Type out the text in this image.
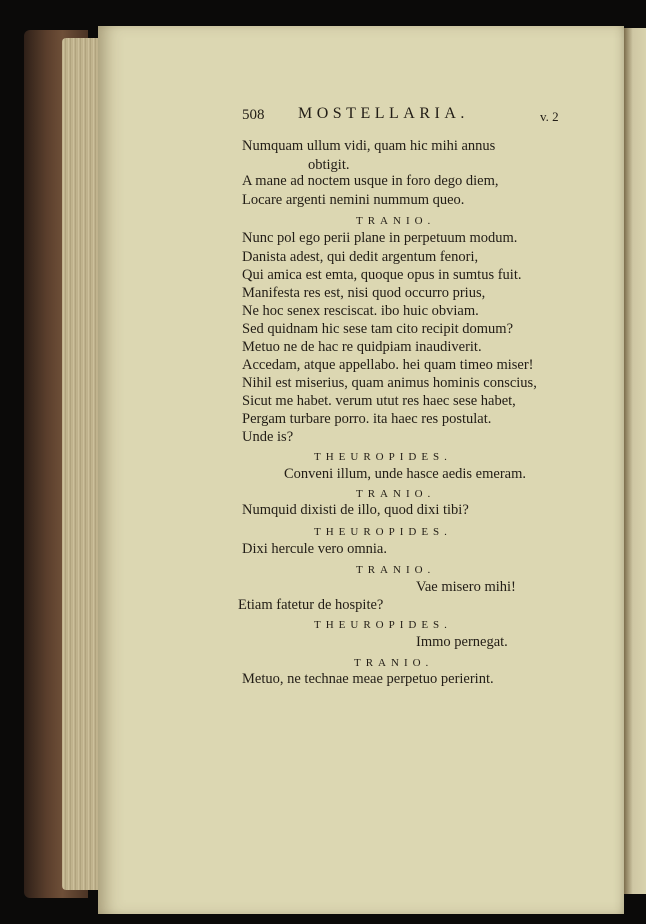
508 MOSTELLARIA.	v. 2

Numquam ullum vidi, quam hic mihi annus

obtigit.

A mane ad noctem usque in foro dego diem,

Locare argenti nemini nummum queo.

TRANIO.

Nunc pol ego perii plane in perpetuum modum.

Danista adest, qui dedit argentum fenori,

Qui amica est emta, quoque opus in sumtus fuit.

Manifesta res est, nisi quod occurro prius,

Ne hoc senex resciscat. ibo huic obviam.

Sed quidnam hic sese tam cito recipit domum?

Metuo ne de hac re quidpiam inaudiverit.

Accedam, atque appellabo. hei quam timeo miser!

Nihil est miserius, quam animus hominis conscius,

Sicut me habet. verum utut res haec sese habet,

Pergam turbare porro. ita haec res postulat.

Unde is?

THEUROPIDES.

Conveni illum, unde hasce aedis emeram.

TRANIO.

Numquid dixisti de illo, quod dixi tibi?

THEUROPIDES.

Dixi hercule vero omnia.

TRANIO.

Vae misero mihi!

Etiam fatetur de hospite?

THEUROPIDES.

Immo pernegat.

TRANIO.

Metuo, ne technae meae perpetuo perierint.
